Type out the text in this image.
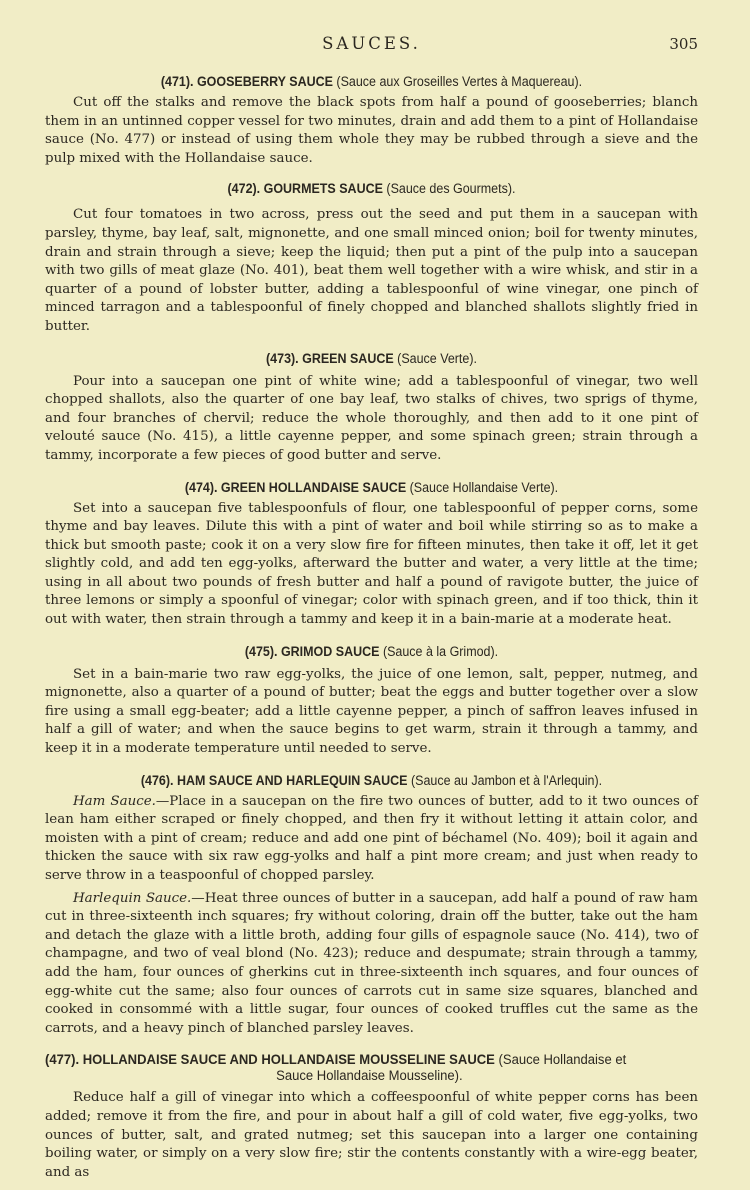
SAUCES.	305
(471). GOOSEBERRY SAUCE (Sauce aux Groseilles Vertes à Maquereau).

Cut off the stalks and remove the black spots from half a pound of gooseberries; blanch them in an untinned copper vessel for two minutes, drain and add them to a pint of Hollandaise sauce (No. 477) or instead of using them whole they may be rubbed through a sieve and the pulp mixed with the Hollandaise sauce.

(472). GOURMETS SAUCE (Sauce des Gourmets).

Cut four tomatoes in two across, press out the seed and put them in a saucepan with parsley, thyme, bay leaf, salt, mignonette, and one small minced onion; boil for twenty minutes, drain and strain through a sieve; keep the liquid; then put a pint of the pulp into a saucepan with two gills of meat glaze (No. 401), beat them well together with a wire whisk, and stir in a quarter of a pound of lobster butter, adding a tablespoonful of wine vinegar, one pinch of minced tarragon and a tablespoonful of finely chopped and blanched shallots slightly fried in butter.

(473). GREEN SAUCE (Sauce Verte).

Pour into a saucepan one pint of white wine; add a tablespoonful of vinegar, two well chopped shallots, also the quarter of one bay leaf, two stalks of chives, two sprigs of thyme, and four branches of chervil; reduce the whole thoroughly, and then add to it one pint of velouté sauce (No. 415), a little cayenne pepper, and some spinach green; strain through a tammy, incorporate a few pieces of good butter and serve.

(474). GREEN HOLLANDAISE SAUCE (Sauce Hollandaise Verte).

Set into a saucepan five tablespoonfuls of flour, one tablespoonful of pepper corns, some thyme and bay leaves. Dilute this with a pint of water and boil while stirring so as to make a thick but smooth paste; cook it on a very slow fire for fifteen minutes, then take it off, let it get slightly cold, and add ten egg-yolks, afterward the butter and water, a very little at the time; using in all about two pounds of fresh butter and half a pound of ravigote butter, the juice of three lemons or simply a spoonful of vinegar; color with spinach green, and if too thick, thin it out with water, then strain through a tammy and keep it in a bain-marie at a moderate heat.

(475). GRIMOD SAUCE (Sauce à la Grimod).

Set in a bain-marie two raw egg-yolks, the juice of one lemon, salt, pepper, nutmeg, and mignonette, also a quarter of a pound of butter; beat the eggs and butter together over a slow fire using a small egg-beater; add a little cayenne pepper, a pinch of saffron leaves infused in half a gill of water; and when the sauce begins to get warm, strain it through a tammy, and keep it in a moderate temperature until needed to serve.

(476). HAM SAUCE AND HARLEQUIN SAUCE (Sauce au Jambon et à l'Arlequin).

Ham Sauce.—Place in a saucepan on the fire two ounces of butter, add to it two ounces of lean ham either scraped or finely chopped, and then fry it without letting it attain color, and moisten with a pint of cream; reduce and add one pint of béchamel (No. 409); boil it again and thicken the sauce with six raw egg-yolks and half a pint more cream; and just when ready to serve throw in a teaspoonful of chopped parsley.

Harlequin Sauce.—Heat three ounces of butter in a saucepan, add half a pound of raw ham cut in three-sixteenth inch squares; fry without coloring, drain off the butter, take out the ham and detach the glaze with a little broth, adding four gills of espagnole sauce (No. 414), two of champagne, and two of veal blond (No. 423); reduce and despumate; strain through a tammy, add the ham, four ounces of gherkins cut in three-sixteenth inch squares, and four ounces of egg-white cut the same; also four ounces of carrots cut in same size squares, blanched and cooked in consommé with a little sugar, four ounces of cooked truffles cut the same as the carrots, and a heavy pinch of blanched parsley leaves.

(477). HOLLANDAISE SAUCE AND HOLLANDAISE MOUSSELINE SAUCE (Sauce Hollandaise et
Sauce Hollandaise Mousseline).

Reduce half a gill of vinegar into which a coffeespoonful of white pepper corns has been added; remove it from the fire, and pour in about half a gill of cold water, five egg-yolks, two ounces of butter, salt, and grated nutmeg; set this saucepan into a larger one containing boiling water, or simply on a very slow fire; stir the contents constantly with a wire-egg beater, and as
